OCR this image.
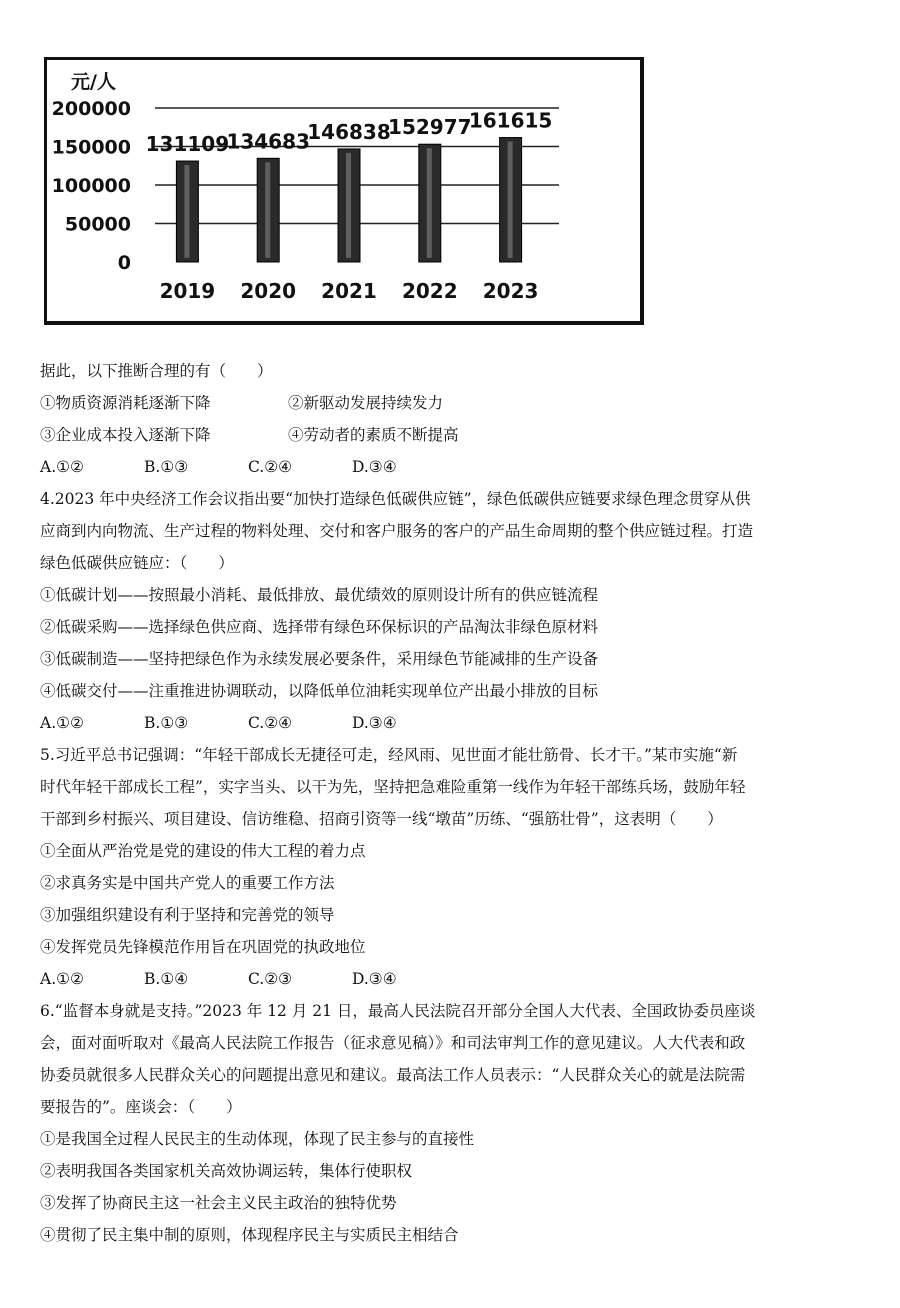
200000
150000
100000
50000
0
元/人
131109
2019
134683
2020
146838
2021
152977
2022
161615
2023
据此，以下推断合理的有（　　）
①物质资源消耗逐渐下降	②新驱动发展持续发力
③企业成本投入逐渐下降	④劳动者的素质不断提高
A.①②	B.①③	C.②④	D.③④
4.2023 年中央经济工作会议指出要“加快打造绿色低碳供应链”，绿色低碳供应链要求绿色理念贯穿从供
应商到内向物流、生产过程的物料处理、交付和客户服务的客户的产品生命周期的整个供应链过程。打造
绿色低碳供应链应：（　　）
①低碳计划——按照最小消耗、最低排放、最优绩效的原则设计所有的供应链流程
②低碳采购——选择绿色供应商、选择带有绿色环保标识的产品淘汰非绿色原材料
③低碳制造——坚持把绿色作为永续发展必要条件，采用绿色节能减排的生产设备
④低碳交付——注重推进协调联动，以降低单位油耗实现单位产出最小排放的目标
A.①②	B.①③	C.②④	D.③④
5.习近平总书记强调：“年轻干部成长无捷径可走，经风雨、见世面才能壮筋骨、长才干。”某市实施“新
时代年轻干部成长工程”，实字当头、以干为先，坚持把急难险重第一线作为年轻干部练兵场，鼓励年轻
干部到乡村振兴、项目建设、信访维稳、招商引资等一线“墩苗”历练、“强筋壮骨”，这表明（　　）
①全面从严治党是党的建设的伟大工程的着力点
②求真务实是中国共产党人的重要工作方法
③加强组织建设有利于坚持和完善党的领导
④发挥党员先锋模范作用旨在巩固党的执政地位
A.①②	B.①④	C.②③	D.③④
6.“监督本身就是支持。”2023 年 12 月 21 日，最高人民法院召开部分全国人大代表、全国政协委员座谈
会，面对面听取对《最高人民法院工作报告（征求意见稿）》和司法审判工作的意见建议。人大代表和政
协委员就很多人民群众关心的问题提出意见和建议。最高法工作人员表示：“人民群众关心的就是法院需
要报告的”。座谈会：（　　）
①是我国全过程人民民主的生动体现，体现了民主参与的直接性
②表明我国各类国家机关高效协调运转，集体行使职权
③发挥了协商民主这一社会主义民主政治的独特优势
④贯彻了民主集中制的原则，体现程序民主与实质民主相结合
